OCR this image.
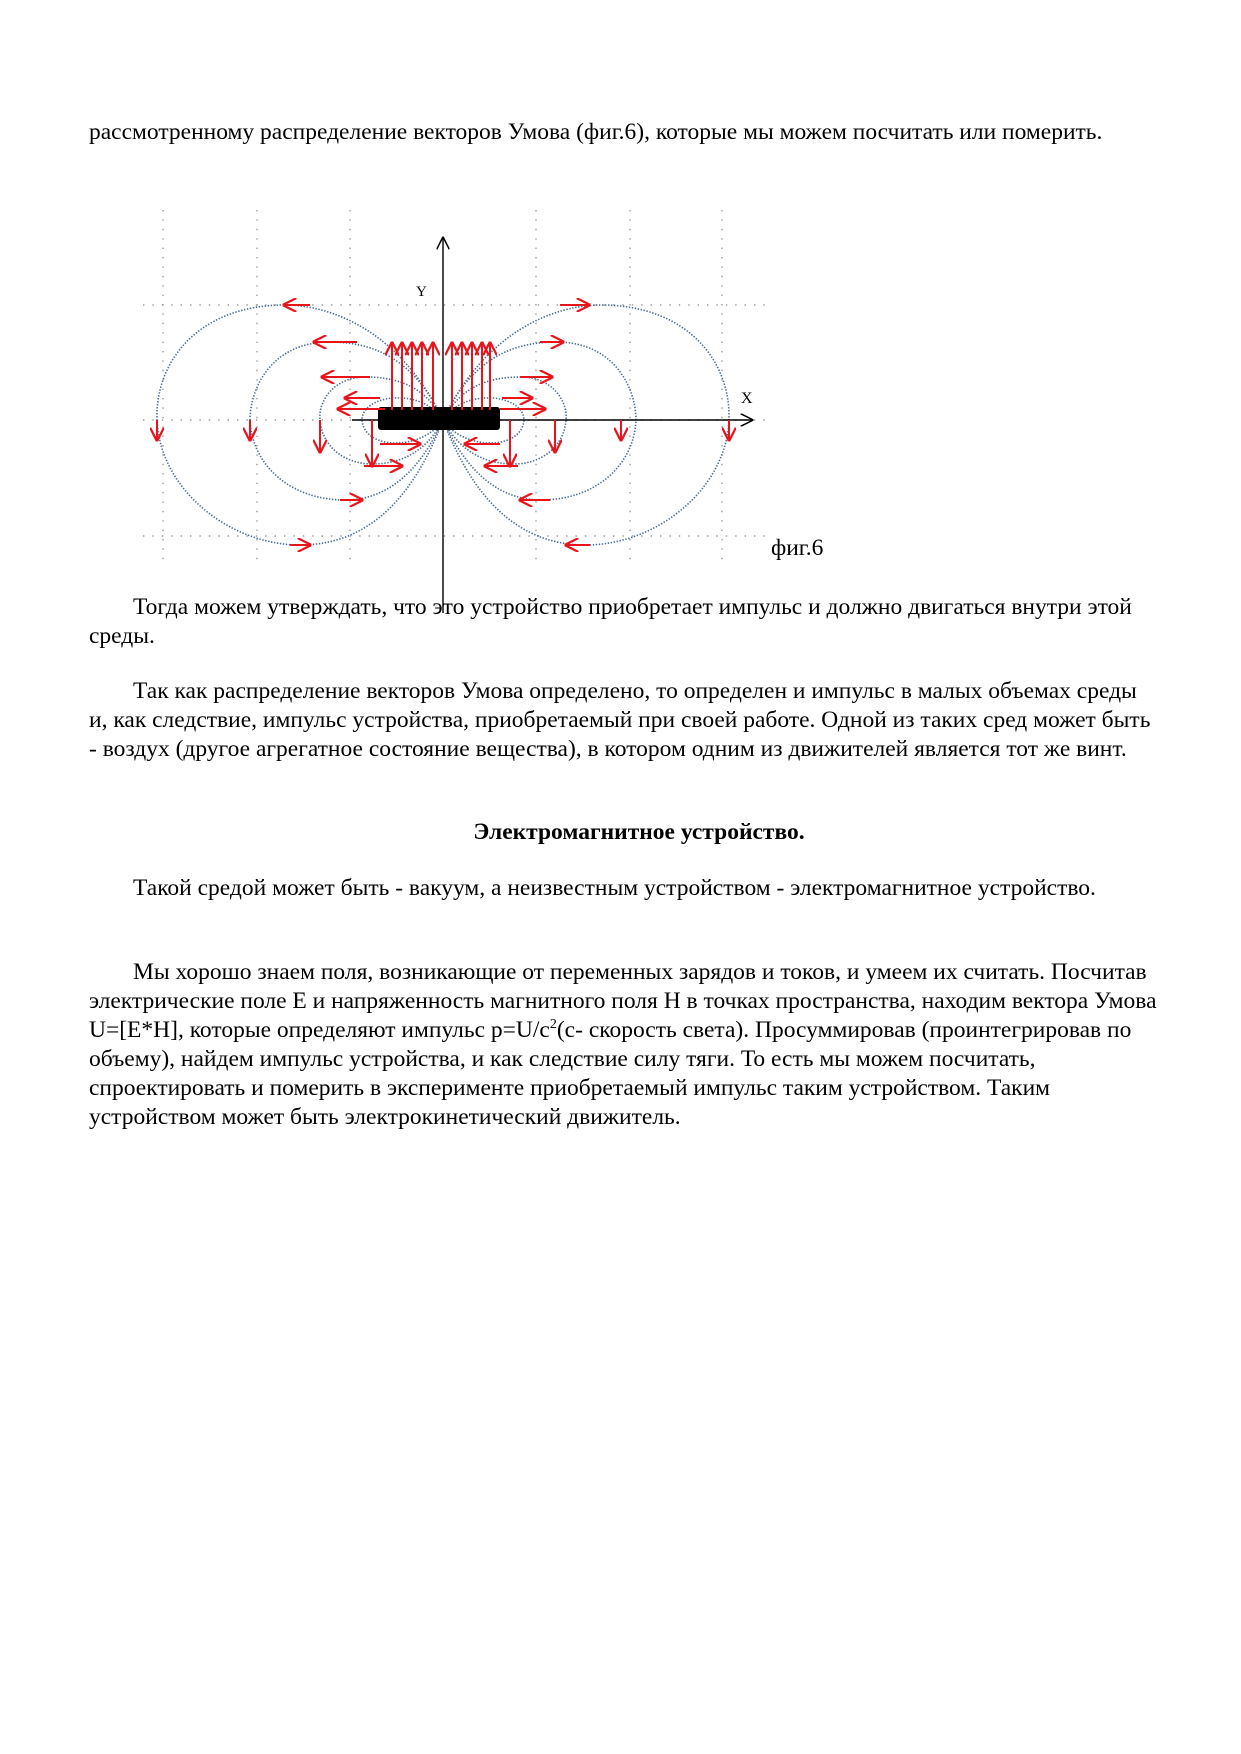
рассмотренному распределение векторов Умова (фиг.6), которые мы можем посчитать или померить.

Y
X
фиг.6

Тогда можем утверждать, что это устройство приобретает импульс и должно двигаться внутри этой среды.

Так как распределение векторов Умова определено, то определен и импульс в малых объемах среды и, как следствие, импульс устройства, приобретаемый при своей работе. Одной из таких сред может быть - воздух (другое агрегатное состояние вещества), в котором одним из движителей является тот же винт.

Электромагнитное устройство.

Такой средой может быть - вакуум, а неизвестным устройством - электромагнитное устройство.

Мы хорошо знаем поля, возникающие от переменных зарядов и токов, и умеем их считать. Посчитав электрические поле Е и напряженность магнитного поля Н в точках пространства, находим вектора Умова U=[E*H], которые определяют импульс $p=U/c^2(c-$ скорость света). Просуммировав (проинтегрировав по объему), найдем импульс устройства, и как следствие силу тяги. То есть мы можем посчитать, спроектировать и померить в эксперименте приобретаемый импульс таким устройством. Таким устройством может быть электрокинетический движитель.
